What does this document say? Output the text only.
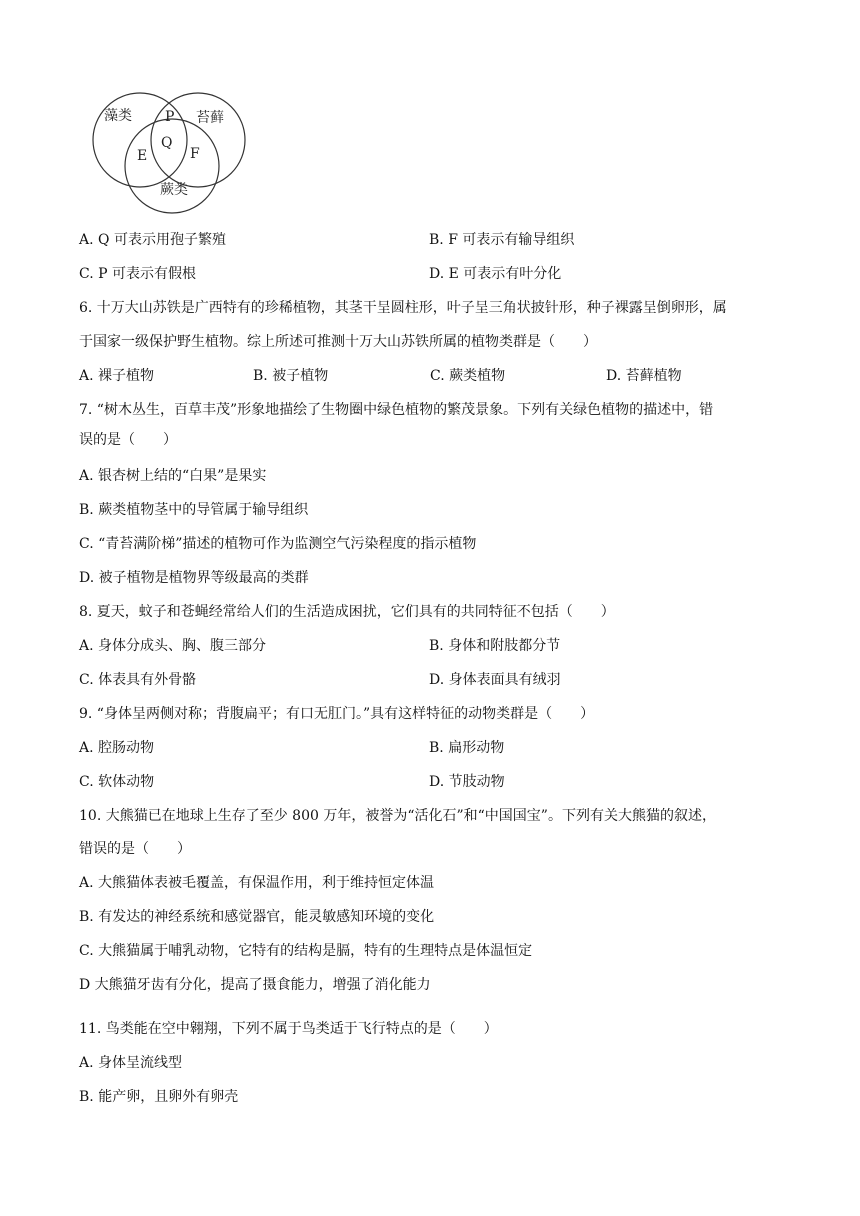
藻类	苔藓
蕨类
P
Q
E	F
A. Q 可表示用孢子繁殖	B. F 可表示有输导组织
C. P 可表示有假根	D. E 可表示有叶分化
6. 十万大山苏铁是广西特有的珍稀植物，其茎干呈圆柱形，叶子呈三角状披针形，种子裸露呈倒卵形，属
于国家一级保护野生植物。综上所述可推测十万大山苏铁所属的植物类群是（　　）
A. 裸子植物	B. 被子植物	C. 蕨类植物	D. 苔藓植物
7. “树木丛生，百草丰茂”形象地描绘了生物圈中绿色植物的繁茂景象。下列有关绿色植物的描述中，错
误的是（　　）
A. 银杏树上结的“白果”是果实
B. 蕨类植物茎中的导管属于输导组织
C. “青苔满阶梯”描述的植物可作为监测空气污染程度的指示植物
D. 被子植物是植物界等级最高的类群
8. 夏天，蚊子和苍蝇经常给人们的生活造成困扰，它们具有的共同特征不包括（　　）
A. 身体分成头、胸、腹三部分	B. 身体和附肢都分节
C. 体表具有外骨骼	D. 身体表面具有绒羽
9. “身体呈两侧对称；背腹扁平；有口无肛门。”具有这样特征的动物类群是（　　）
A. 腔肠动物	B. 扁形动物
C. 软体动物	D. 节肢动物
10. 大熊猫已在地球上生存了至少 800 万年，被誉为“活化石”和“中国国宝”。下列有关大熊猫的叙述，
错误的是（　　）
A. 大熊猫体表被毛覆盖，有保温作用，利于维持恒定体温
B. 有发达的神经系统和感觉器官，能灵敏感知环境的变化
C. 大熊猫属于哺乳动物，它特有的结构是膈，特有的生理特点是体温恒定
D 大熊猫牙齿有分化，提高了摄食能力，增强了消化能力
11. 鸟类能在空中翱翔，下列不属于鸟类适于飞行特点的是（　　）
A. 身体呈流线型
B. 能产卵，且卵外有卵壳
